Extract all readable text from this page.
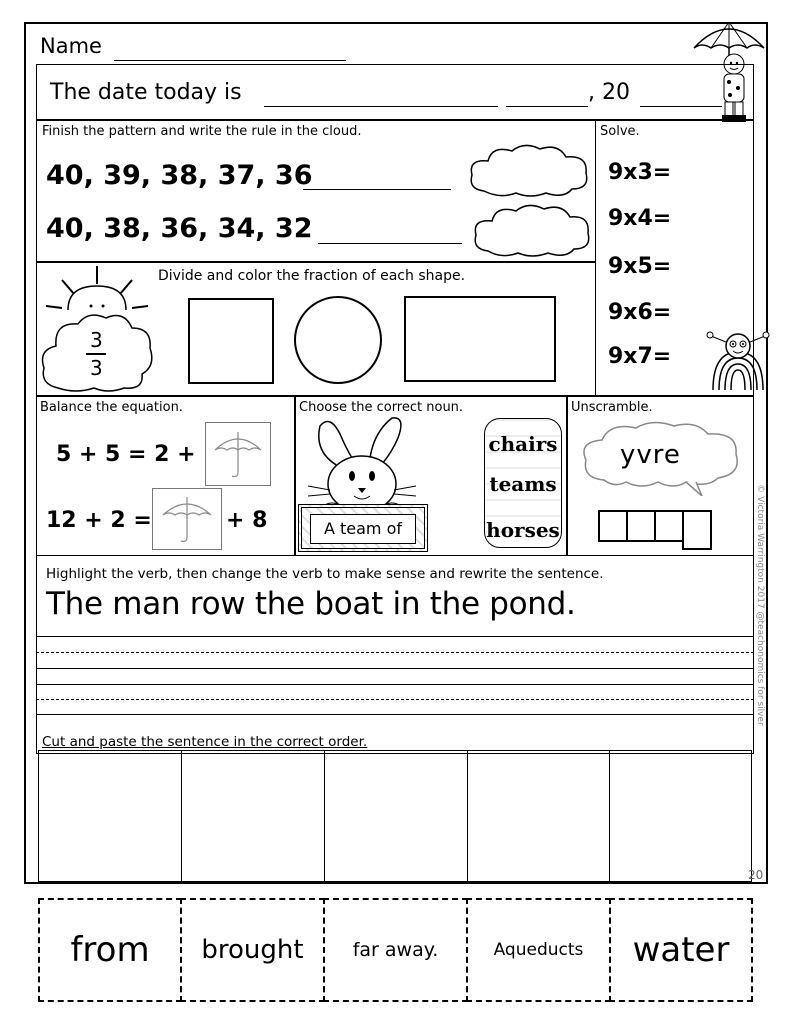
Name
The date today is	, 20
Finish the pattern and write the rule in the cloud.
40, 39, 38, 37, 36
40, 38, 36, 34, 32
Solve.
9x3=
9x4=
9x5=
9x6=
9x7=
Divide and color the fraction of each shape.
3
3
Balance the equation.
5 + 5 = 2 +
12 + 2 =	+ 8
Choose the correct noun.
A team of
chairs
teams
horses
Unscramble.
yvre
© Victoria Warrington 2017 @teachonomics for silver
Highlight the verb, then change the verb to make sense and rewrite the sentence.
The man row the boat in the pond.
Cut and paste the sentence in the correct order.
20
from brought	far away.	Aqueducts water
